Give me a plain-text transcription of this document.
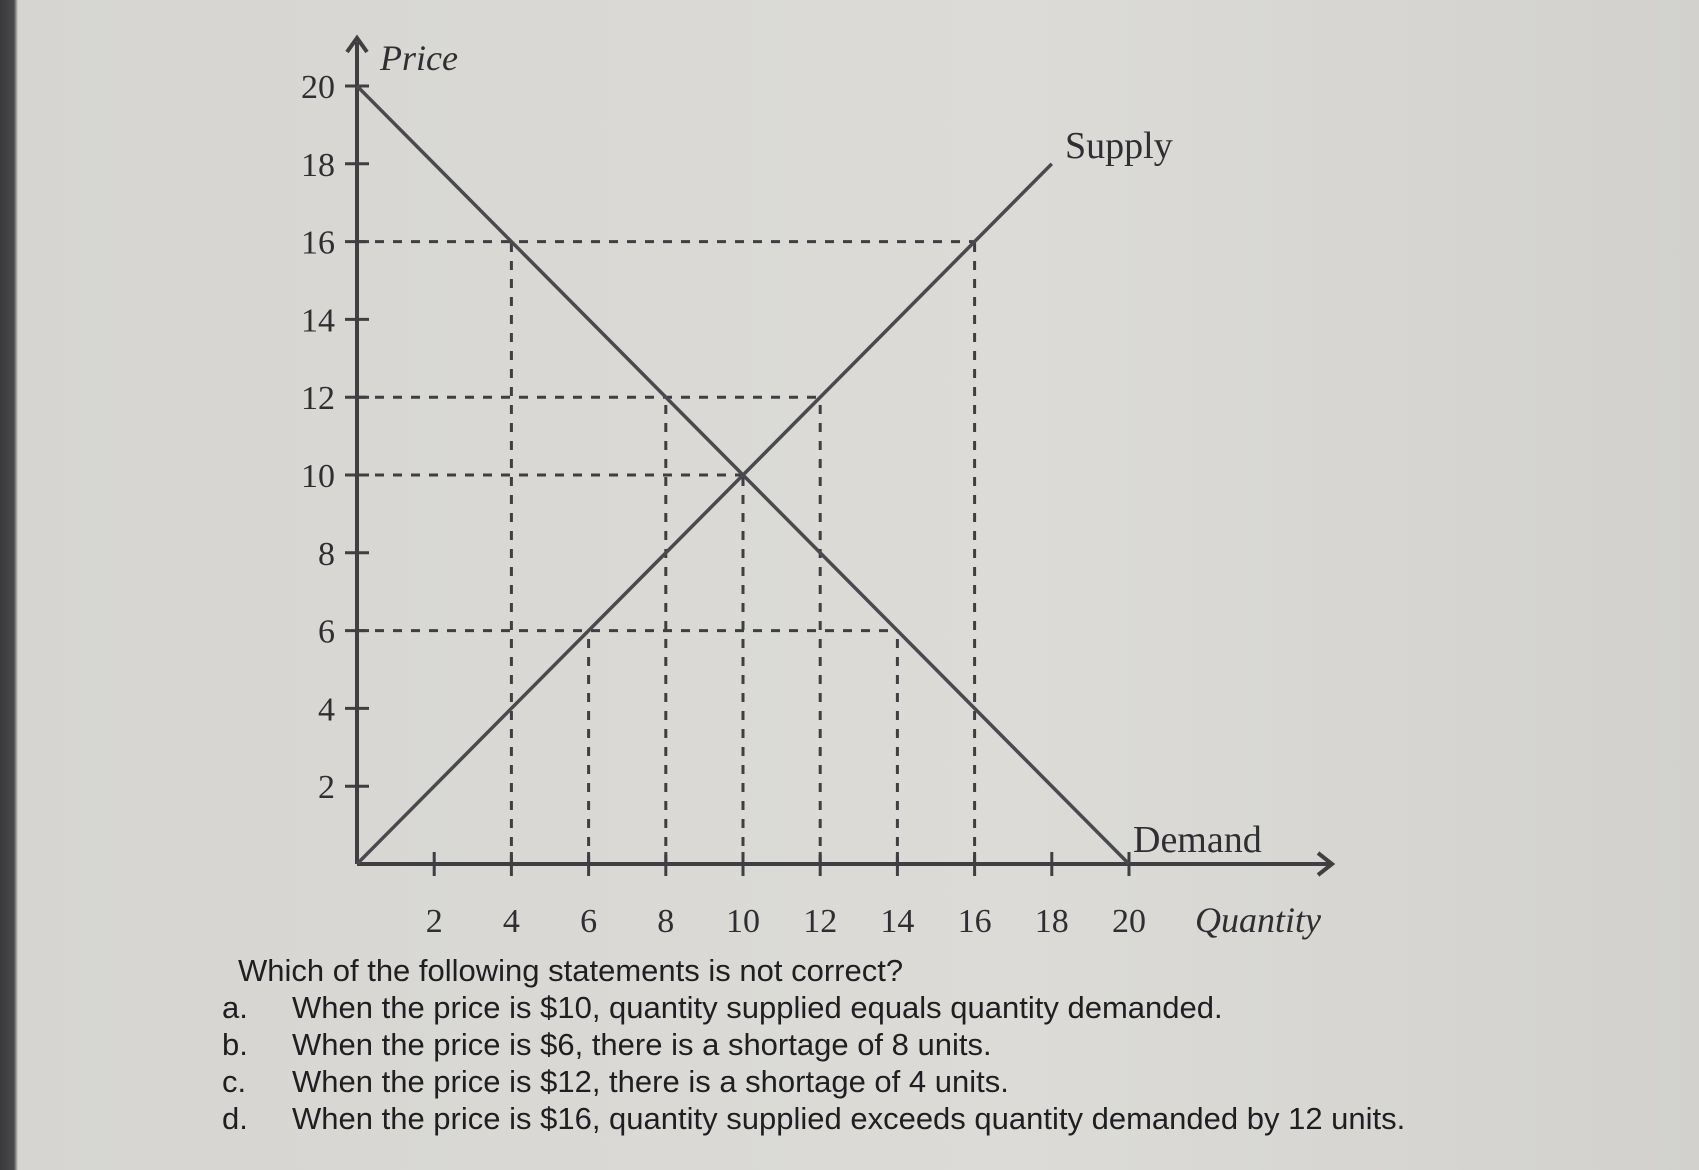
2
4
6
8
10
12
14
16
18
20
2 4 6 8 10 12 14 16 18 20
Price
Quantity
Supply
Demand
Which of the following statements is not correct?
a.	When the price is $10, quantity supplied equals quantity demanded.
b.	When the price is $6, there is a shortage of 8 units.
c.	When the price is $12, there is a shortage of 4 units.
d.	When the price is $16, quantity supplied exceeds quantity demanded by 12 units.
